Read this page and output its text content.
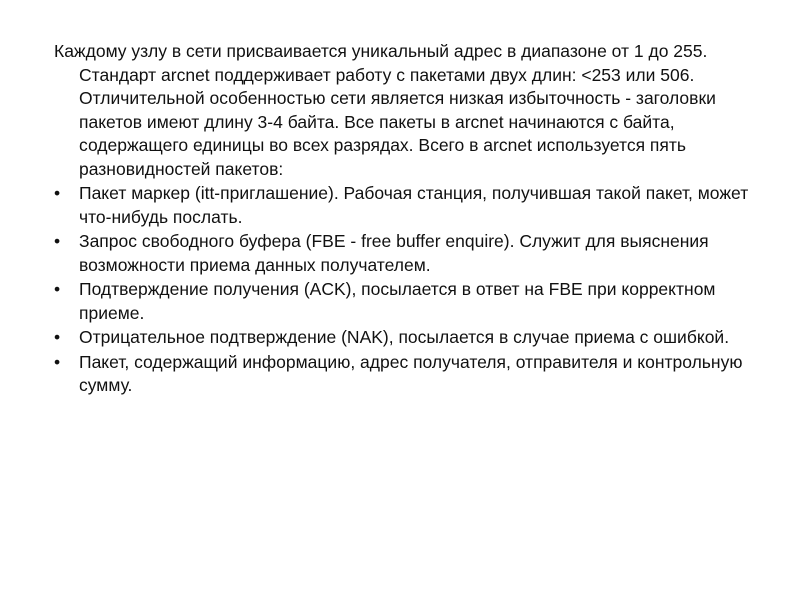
Каждому узлу в сети присваивается уникальный адрес в диапазоне от 1 до 255. Стандарт arcnet поддерживает работу с пакетами двух длин: <253 или 506. Отличительной особенностью сети является низкая избыточность - заголовки пакетов имеют длину 3-4 байта. Все пакеты в arcnet начинаются с байта, содержащего единицы во всех разрядах. Всего в arcnet используется пять разновидностей пакетов:

• Пакет маркер (itt-приглашение). Рабочая станция, получившая такой пакет, может что-нибудь послать.
• Запрос свободного буфера (FBE - free buffer enquire). Служит для выяснения возможности приема данных получателем.
• Подтверждение получения (ACK), посылается в ответ на FBE при корректном приеме.
• Отрицательное подтверждение (NAK), посылается в случае приема с ошибкой.
• Пакет, содержащий информацию, адрес получателя, отправителя и контрольную сумму.
